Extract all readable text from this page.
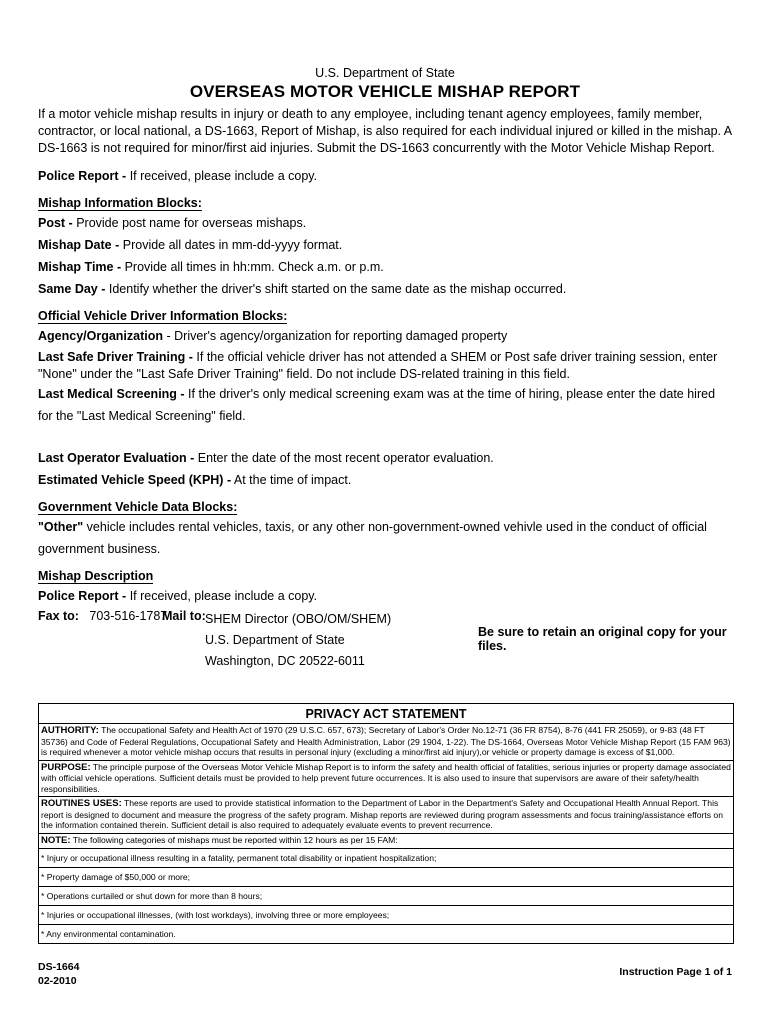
U.S. Department of State
OVERSEAS MOTOR VEHICLE MISHAP REPORT
If a motor vehicle mishap results in injury or death to any employee, including tenant agency employees, family member, contractor, or local national, a DS-1663, Report of Mishap, is also required for each individual injured or killed in the mishap. A DS-1663 is not required for minor/first aid injuries. Submit the DS-1663 concurrently with the Motor Vehicle Mishap Report.
Police Report - If received, please include a copy.
Mishap Information Blocks:
Post - Provide post name for overseas mishaps.
Mishap Date - Provide all dates in mm-dd-yyyy format.
Mishap Time - Provide all times in hh:mm. Check a.m. or p.m.
Same Day - Identify whether the driver's shift started on the same date as the mishap occurred.
Official Vehicle Driver Information Blocks:
Agency/Organization - Driver's agency/organization for reporting damaged property
Last Safe Driver Training - If the official vehicle driver has not attended a SHEM or Post safe driver training session, enter "None" under the "Last Safe Driver Training" field. Do not include DS-related training in this field.
Last Medical Screening - If the driver's only medical screening exam was at the time of hiring, please enter the date hired for the "Last Medical Screening" field.
Last Operator Evaluation - Enter the date of the most recent operator evaluation.
Estimated Vehicle Speed (KPH) - At the time of impact.
Government Vehicle Data Blocks:
"Other" vehicle includes rental vehicles, taxis, or any other non-government-owned vehivle used in the conduct of official government business.
Mishap Description
Police Report - If received, please include a copy.
Fax to: 703-516-1787
Mail to: SHEM Director (OBO/OM/SHEM)
U.S. Department of State
Washington, DC 20522-6011
Be sure to retain an original copy for your files.
PRIVACY ACT STATEMENT
AUTHORITY: The occupational Safety and Health Act of 1970 (29 U.S.C. 657, 673); Secretary of Labor's Order No.12-71 (36 FR 8754), 8-76 (441 FR 25059), or 9-83 (48 FT 35736) and Code of Federal Regulations, Occupational Safety and Health Administration, Labor (29 1904, 1-22). The DS-1664, Overseas Motor Vehicle Mishap Report (15 FAM 963) is required whenever a motor vehicle mishap occurs that results in personal injury (excluding a minor/first aid injury),or vehicle or property damage is excess of $1,000.
PURPOSE: The principle purpose of the Overseas Motor Vehicle Mishap Report is to inform the safety and health official of fatalities, serious injuries or property damage associated with official vehicle operations. Sufficient details must be provided to help prevent future occurrences. It is also used to insure that supervisors are aware of their safety/health responsibilities.
ROUTINES USES: These reports are used to provide statistical information to the Department of Labor in the Department's Safety and Occupational Health Annual Report. This report is designed to document and measure the progress of the safety program. Mishap reports are reviewed during program assessments and focus training/assistance efforts on the information contained therein. Sufficient detail is also required to adequately evaluate events to prevent recurrence.
NOTE: The following categories of mishaps must be reported within 12 hours as per 15 FAM:
* Injury or occupational illness resulting in a fatality, permanent total disability or inpatient hospitalization;
* Property damage of $50,000 or more;
* Operations curtailed or shut down for more than 8 hours;
* Injuries or occupational illnesses, (with lost workdays), involving three or more employees;
* Any environmental contamination.
DS-1664
02-2010
Instruction Page 1 of 1
